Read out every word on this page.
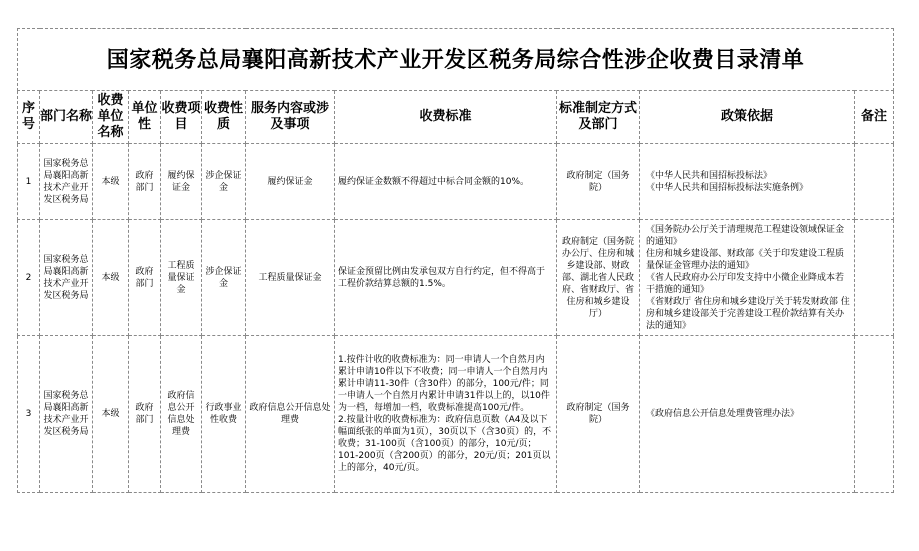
国家税务总局襄阳高新技术产业开发区税务局综合性涉企收费目录清单										
序号	部门名称	收费单位名称	单位性	收费项目	收费性质	服务内容或涉及事项	收费标准	标准制定方式及部门	政策依据	备注
1	国家税务总局襄阳高新技术产业开发区税务局	本级	政府部门	履约保证金	涉企保证金	履约保证金	履约保证金数额不得超过中标合同金额的10%。	政府制定（国务院）	《中华人民共和国招标投标法》
《中华人民共和国招标投标法实施条例》	

2	国家税务总局襄阳高新技术产业开发区税务局	本级	政府部门	工程质量保证金	涉企保证金	工程质量保证金	保证金预留比例由发承包双方自行约定，但不得高于工程价款结算总额的1.5%。	政府制定（国务院办公厅、住房和城乡建设部、财政部、湖北省人民政府、省财政厅、省住房和城乡建设厅）	《国务院办公厅关于清理规范工程建设领域保证金的通知》
住房和城乡建设部、财政部《关于印发建设工程质量保证金管理办法的通知》
《省人民政府办公厅印发支持中小微企业降成本若干措施的通知》
《省财政厅 省住房和城乡建设厅关于转发财政部 住房和城乡建设部关于完善建设工程价款结算有关办法的通知》	

3	国家税务总局襄阳高新技术产业开发区税务局	本级	政府部门	政府信息公开信息处理费	行政事业性收费	政府信息公开信息处理费	1.按件计收的收费标准为：同一申请人一个自然月内累计申请10件以下不收费；同一申请人一个自然月内累计申请11-30件（含30件）的部分，100元/件；同一申请人一个自然月内累计申请31件以上的，以10件为一档，每增加一档，收费标准提高100元/件。
2.按量计收的收费标准为：政府信息页数（A4及以下幅面纸张的单面为1页），30页以下（含30页）的，不收费；31-100页（含100页）的部分，10元/页；101-200页（含200页）的部分，20元/页；201页以上的部分，40元/页。	政府制定（国务院）	《政府信息公开信息处理费管理办法》	
